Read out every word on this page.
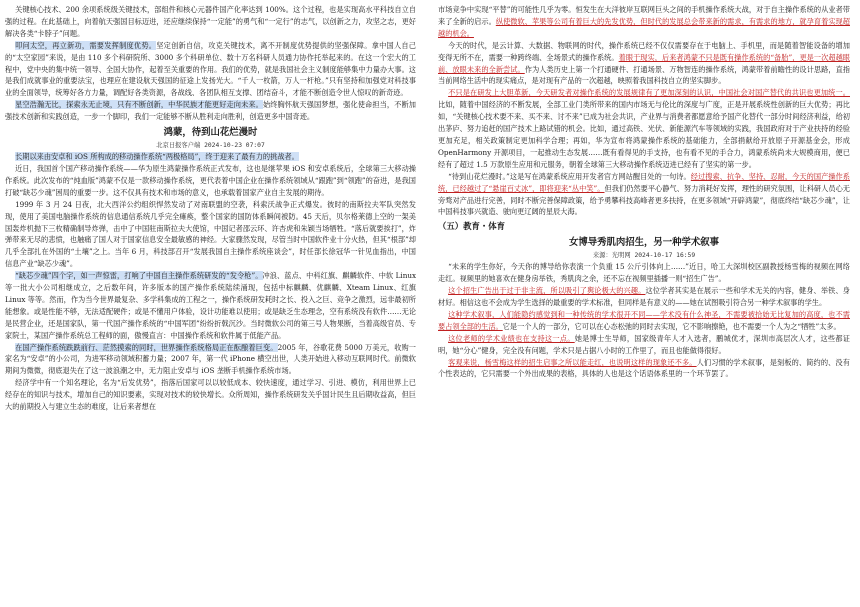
关键核心技术、200 余项系统级关键技术，部组件和核心元器件国产化率达到 100%。这个过程，也是实现高水平科技自立自强的过程。在此基础上，向着航天强国目标迈进，还应继续保持“一定能”的勇气和“一定行”的志气，以创新之力，攻坚之志，更好解决各类“卡脖子”问题。

叩问太空，再立新功，需要发挥制度优势。坚定创新自信，攻克关键技术，离不开制度优势提供的坚强保障。拿中国人自己的“太空家园”来说，是由 110 多个科研院所、3000 多个科研单位、数十万名科研人员通力协作托举起来的。在这一个宏大的工程中，党中央的集中统一领导、全国大协作，起着至关重要的作用。我们的优势，就是我国社会主义制度能够集中力量办大事。这是我们成就事业的重要法宝，也理应在建设航天强国的征途上发扬光大。“千人一枚箭，万人一杆枪。”只有坚持和加强党对科技事业的全面领导，统筹好各方力量，调配好各类资源，各战线、各团队相互支撑、团结奋斗，才能不断创造令世人惊叹的新奇迹。

星空浩瀚无比，探索永无止境，只有不断创新，中华民族才能更好走向未来。始终胸怀航天强国梦想，强化使命担当，不断加强技术创新和实践创造，一步一个脚印，我们一定能够不断从胜利走向胜利，创造更多中国奇迹。

鸿蒙，待到山花烂漫时
北京日报客户端 2024-10-23 07:07

长期以来由安卓和 iOS 所构成的移动操作系统“两极格局”，终于迎来了最有力的挑战者。

近日，我国首个国产移动操作系统——华为原生鸿蒙操作系统正式发布，这也是继苹果 iOS 和安卓系统后，全球第三大移动操作系统。此次发布的“纯血版”鸿蒙不仅是一款移动操作系统，更代表着中国企业在操作系统领域从“跟跑”到“领跑”的奋进，是我国打破“缺芯少魂”困局的重要一步。这不仅具有技术和市场的意义，也承载着国家产业自主发展的期待。

1999 年 3 月 24 日夜，北大西洋公约组织悍然发动了对南联盟的空袭，科索沃战争正式爆发。彼时的南斯拉夫军队突然发现，使用了美国电脑操作系统的信息通信系统几乎完全瘫痪，整个国家的国防体系瞬间被防。45 天后，贝尔格莱德上空的一架美国轰炸机抛下三枚精确制导炸弹，击中了中国驻南斯拉夫大使馆，中国记者邵云环、许杏虎和朱颖当场牺牲。“落后就要挨打”，炸弹带来无尽的悲愤，也触痛了国人对于国家信息安全最敏感的神经。大家骤然发现，尽管当时中国软件业十分火热，但其“根部”却几乎全部扎在外国的“土壤”之上。当年 6 月，科技部召开“发展我国自主操作系统座谈会”，时任部长徐冠华一针见血指出，中国信息产业“缺芯少魂”。

“缺芯少魂”四个字，如一声惊雷，打响了中国自主操作系统研发的“发令枪”。冲浪、蓝点、中科红旗、麒麟软件、中软 Linux 等一批大小公司相继成立，之后数年间，许多版本的国产操作系统陆续涌现，包括中标麒麟、优麒麟、Xteam Linux、红旗 Linux 等等。然而，作为当今世界最复杂、多学科集成的工程之一，操作系统研发耗时之长、投入之巨、竞争之激烈，远非最初所能想象。或是性能不够，无法适配硬件；或是不懂用户体验，设计功能难以使用；或是缺乏生态理念，空有系统没有软件……无论是民营企业，还是国家队，第一代国产操作系统的“中国军团”纷纷折戟沉沙。当时微软公司的第三号人物果断，当着高级官员、专家院士，某国产操作系统总工程师的面，傲慢直言：中国操作系统和软件属于低能产品。

在国产操作系统跌跌前行、茫然摸索的同时，世界操作系统格局正在酝酿着巨变。2005 年，谷歌花费 5000 万美元，收购一家名为“安卓”的小公司，为进军移动领域积蓄力量；2007 年，第一代 iPhone 横空出世，人类开始进入移动互联网时代。前微软期间为微微，彻底退失在了这一波浪潮之中，无力阻止安卓与 iOS 垄断手机操作系统市场。

经济学中有一个知名理论，名为“后发优势”，指落后国家可以以较低成本、较快速度，通过学习、引进、模仿，利用世界上已经存在的知识与技术，增加自己的知识要素，实现对技术的较快增长。众所周知，操作系统研发关乎国计民生且后期收益高，但巨大的前期投入与建立生态的难度，让后来者想在

市场竞争中实现“平替”的可能性几乎为零。恒发生在大洋彼岸互联网巨头之间的手机操作系统大战，对于自主操作系统的从业者带来了全新的启示。纵使微软、苹果等公司有着巨大的先发优势，但时代的发展总会带来新的需求，有需求的地方，就孕育着实现超越的机会。

今天的时代，是云计算、大数据、物联网的时代，操作系统已经不仅仅需要存在于电脑上、手机里，而是随着智能设备的增加变得无所不在，需要一种跨终端、全场景式的操作系统。着眼于现实，后来者鸿蒙不只是既有操作系统的“备胎”，更是一次超越眼前、放眼未来的全新尝试。作为人类历史上第一个打通硬件、打通场景、万物智连的操作系统，鸿蒙带着前瞻性的设计思路，直指当前网络生活中的现实痛点，是对现有产品的一次超越，映照着我国科技自立的坚实脚步。

不只是在研发上大胆革新，今天研发者对操作系统的发展规律有了更加深刻的认识，中国社会对国产替代的共识也更加统一。比如，随着中国经济的不断发展，全部工业门类所带来的国内市场无与伦比的深度与广度，正是开展系统性创新的巨大优势；再比如，“关键核心技术要不来、买不来、讨不来”已成为社会共识，产业界与消费者都愿意给予国产化替代一部分时间经济利益，给初出茅庐、努力追赶的国产技术上路试错的机会。比如，通过高铁、光伏、新能源汽车等领域的实践，我国政府对于产业扶持的经验更加充足，相关政策制定更加科学合理；再如，华为宣布将鸿蒙操作系统的基础能力，全部捐献给开放原子开源基金会，形成 OpenHarmony 开源项目，一起推动生态发展……既有看得见的手支持，也有看不见的手合力，鸿蒙系统尚未大规模商用，便已经有了超过 1.5 万款原生应用和元服务，朝着全球第三大移动操作系统迈进已经有了坚实的第一步。

“待到山花烂漫时。”这是写在鸿蒙系统应用开发者官方网站醒目处的一句诗。经过搜索、抗争、坚持、忍耐，今天的国产操作系统，已经越过了“悬崖百丈冰”，即将迎来“丛中笑”。但我们仍然要平心静气、努力消耗好发挥，理性的研究氛围，让科研人员心无旁骛对产品进行完善，同时不断完善保障政策，给予勇攀科技高峰者更多扶持，在更多领域“开辟鸿蒙”，彻底终结“缺芯少魂”，让中国科技事兴就造、驶向更辽阔的星辰大海。

（五）教育・体育
女博导秀肌肉招生，另一种学术叙事
来源：光明网 2024-10-17 16:59

“未来的学生你好，今天你的博导给你表演一个负重 15 公斤引体向上……”近日，哈工大深圳校区副教授杨雪梅的视频在网络走红。视频里的她喜欢在健身房举铁，秀肌肉之余，还不忘在视频里插播一则“招生广告”。

这个招生广告出于过于非主流，所以吸引了舆论极大的兴趣。这位学者其实是在展示一些和学术无关的内容，健身、举铁、身材好。相信这也不会成为学生选择的最重要的学术标准，但同样是有意义的——她在试图吸引符合另一种学术叙事的学生。

这种学术叙事，人们能隐约感觉到和一种传统的学术很开不同——学术没有什么神圣，不需要被拾始无比复加的高度，也不需要占领全部的生活。它是一个人的一部分，它可以在心态松弛的同时去实现，它不影响擦艳，也不需要一个人为之“牺牲”太多。

这位老师的学术业绩也在支持这一点。她是博士生导师，国家级青年人才入选者，鹏城优才，深圳市高层次人才，这些都证明，她“分心”健身，完全没有问题，学术只是占据八小时的工作里了，而且也能做得很好。

客观来说，杨雪梅这样的招生启事之所以能走红，也说明这样的现象还不多。人们习惯的学术叙事，是刻板的、简约的、没有个性表达的，它只需要一个外出成果的表格，具体的人也是这个话语体系里的一个环节罢了。
